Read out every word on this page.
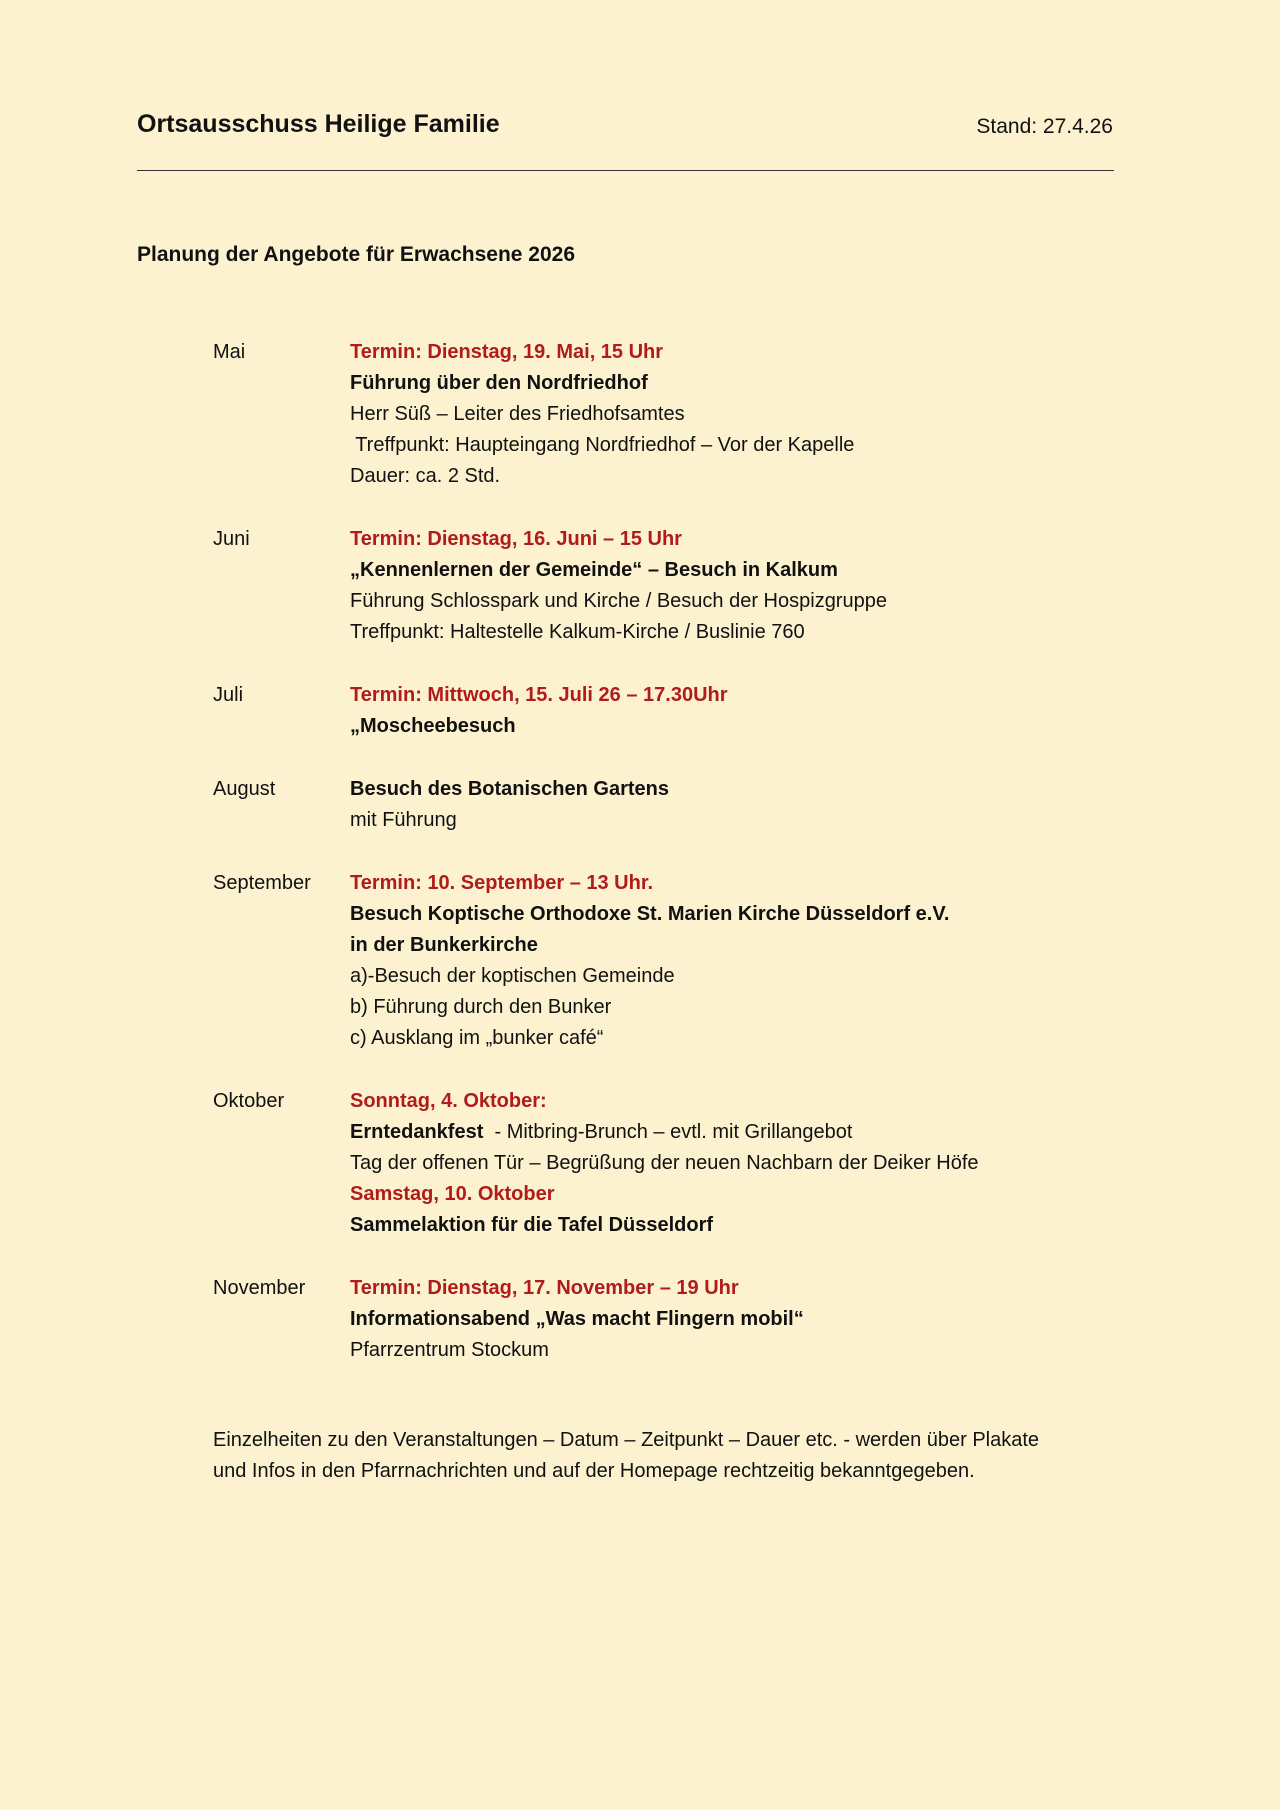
Ortsausschuss Heilige Familie	Stand: 27.4.26
Planung der Angebote für Erwachsene 2026
Mai	Termin: Dienstag, 19. Mai, 15 Uhr
Führung über den Nordfriedhof
Herr Süß – Leiter des Friedhofsamtes
Treffpunkt: Haupteingang Nordfriedhof – Vor der Kapelle
Dauer: ca. 2 Std.
Juni	Termin: Dienstag, 16. Juni – 15 Uhr
„Kennenlernen der Gemeinde“ – Besuch in Kalkum
Führung Schlosspark und Kirche / Besuch der Hospizgruppe
Treffpunkt: Haltestelle Kalkum-Kirche / Buslinie 760
Juli	Termin: Mittwoch, 15. Juli 26 – 17.30Uhr
„Moscheebesuch
August	Besuch des Botanischen Gartens
mit Führung
September Termin: 10. September – 13 Uhr.
Besuch Koptische Orthodoxe St. Marien Kirche Düsseldorf e.V.
in der Bunkerkirche
a)-Besuch der koptischen Gemeinde
b) Führung durch den Bunker
c) Ausklang im „bunker café“
Oktober	Sonntag, 4. Oktober:
Erntedankfest  - Mitbring-Brunch – evtl. mit Grillangebot
Tag der offenen Tür – Begrüßung der neuen Nachbarn der Deiker Höfe
Samstag, 10. Oktober
Sammelaktion für die Tafel Düsseldorf
November Termin: Dienstag, 17. November – 19 Uhr
Informationsabend „Was macht Flingern mobil“
Pfarrzentrum Stockum
Einzelheiten zu den Veranstaltungen – Datum – Zeitpunkt – Dauer etc. - werden über Plakate
und Infos in den Pfarrnachrichten und auf der Homepage rechtzeitig bekanntgegeben.
